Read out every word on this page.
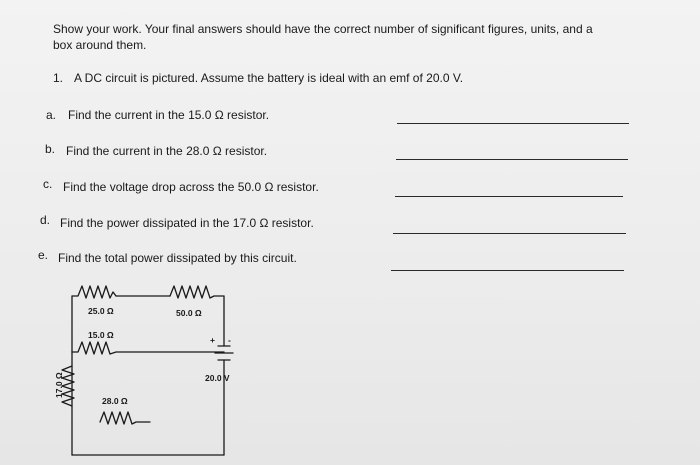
Show your work. Your final answers should have the correct number of significant figures, units, and a
box around them.
1. A DC circuit is pictured. Assume the battery is ideal with an emf of 20.0 V.
a. Find the current in the 15.0 Ω resistor.
b. Find the current in the 28.0 Ω resistor.
c. Find the voltage drop across the 50.0 Ω resistor.
d. Find the power dissipated in the 17.0 Ω resistor.
e. Find the total power dissipated by this circuit.
25.0 Ω	50.0 Ω
15.0 Ω	+ -
20.0 V
28.0 Ω
17.0 Ω
